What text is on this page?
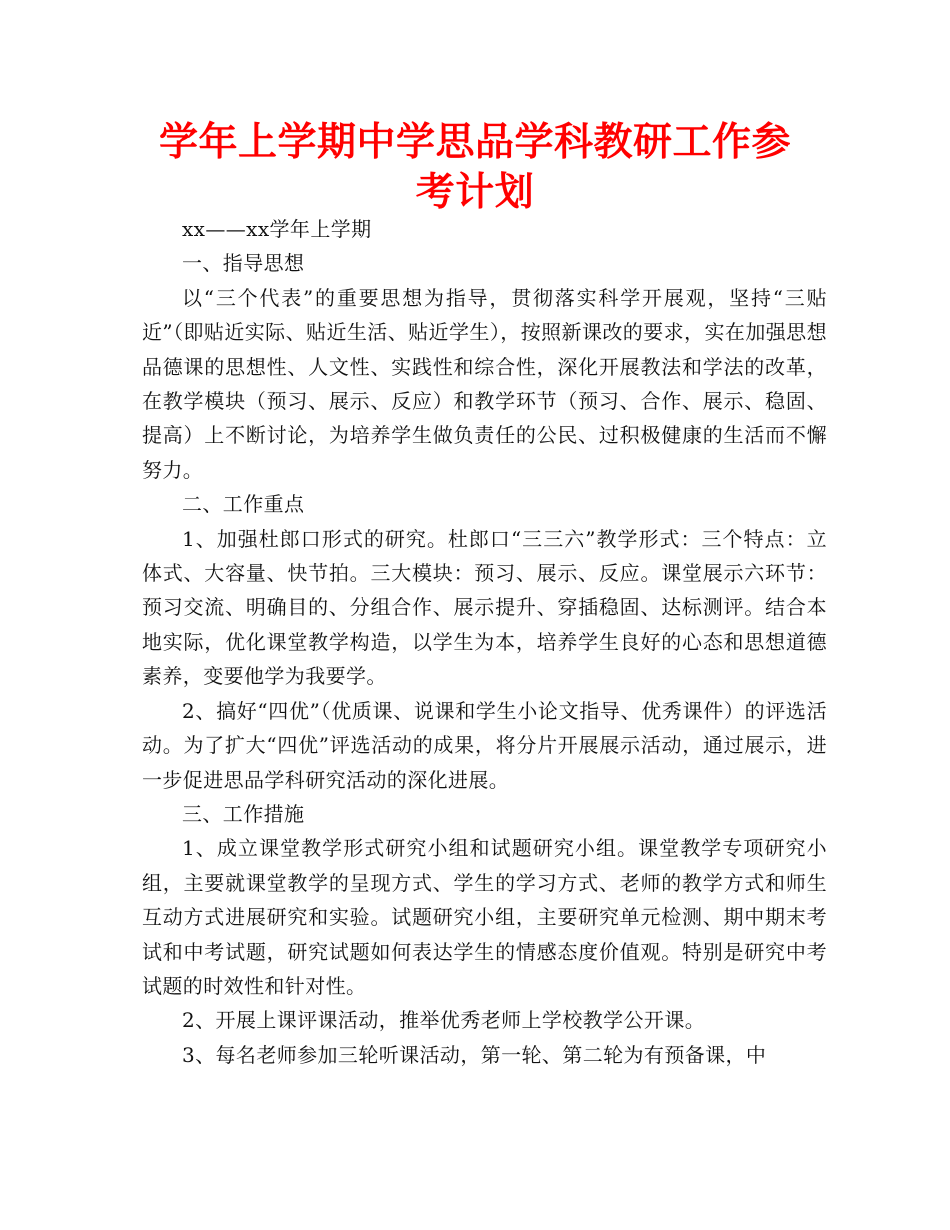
学年上学期中学思品学科教研工作参考计划

xx——xx学年上学期

一、指导思想

以“三个代表”的重要思想为指导，贯彻落实科学开展观，坚持“三贴近”（即贴近实际、贴近生活、贴近学生），按照新课改的要求，实在加强思想品德课的思想性、人文性、实践性和综合性，深化开展教法和学法的改革，在教学模块（预习、展示、反应）和教学环节（预习、合作、展示、稳固、提高）上不断讨论，为培养学生做负责任的公民、过积极健康的生活而不懈努力。

二、工作重点

1、加强杜郎口形式的研究。杜郎口“三三六”教学形式：三个特点：立体式、大容量、快节拍。三大模块：预习、展示、反应。课堂展示六环节：预习交流、明确目的、分组合作、展示提升、穿插稳固、达标测评。结合本地实际，优化课堂教学构造，以学生为本，培养学生良好的心态和思想道德素养，变要他学为我要学。

2、搞好“四优”（优质课、说课和学生小论文指导、优秀课件）的评选活动。为了扩大“四优”评选活动的成果，将分片开展展示活动，通过展示，进一步促进思品学科研究活动的深化进展。

三、工作措施

1、成立课堂教学形式研究小组和试题研究小组。课堂教学专项研究小组，主要就课堂教学的呈现方式、学生的学习方式、老师的教学方式和师生互动方式进展研究和实验。试题研究小组，主要研究单元检测、期中期末考试和中考试题，研究试题如何表达学生的情感态度价值观。特别是研究中考试题的时效性和针对性。

2、开展上课评课活动，推举优秀老师上学校教学公开课。

3、每名老师参加三轮听课活动，第一轮、第二轮为有预备课，中
